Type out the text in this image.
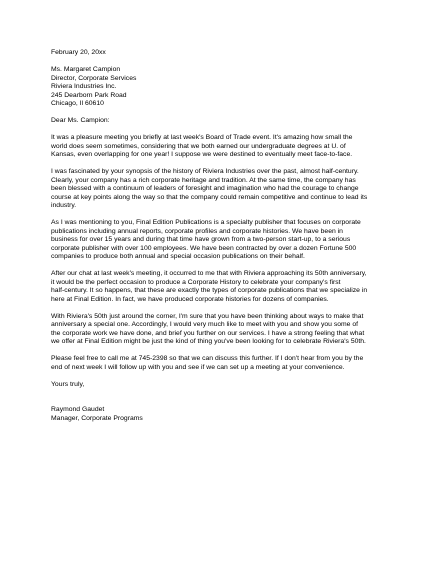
February 20, 20xx
Ms. Margaret Campion
Director, Corporate Services
Riviera Industries Inc.
245 Dearborn Park Road
Chicago, Il 60610
Dear Ms. Campion:
It was a pleasure meeting you briefly at last week's Board of Trade event. It's amazing how small the
world does seem sometimes, considering that we both earned our undergraduate degrees at U. of
Kansas, even overlapping for one year! I suppose we were destined to eventually meet face-to-face.
I was fascinated by your synopsis of the history of Riviera Industries over the past, almost half-century.
Clearly, your company has a rich corporate heritage and tradition. At the same time, the company has
been blessed with a continuum of leaders of foresight and imagination who had the courage to change
course at key points along the way so that the company could remain competitive and continue to lead its
industry.
As I was mentioning to you, Final Edition Publications is a specialty publisher that focuses on corporate
publications including annual reports, corporate profiles and corporate histories. We have been in
business for over 15 years and during that time have grown from a two-person start-up, to a serious
corporate publisher with over 100 employees. We have been contracted by over a dozen Fortune 500
companies to produce both annual and special occasion publications on their behalf.
After our chat at last week's meeting, it occurred to me that with Riviera approaching its 50th anniversary,
it would be the perfect occasion to produce a Corporate History to celebrate your company's first
half-century. It so happens, that these are exactly the types of corporate publications that we specialize in
here at Final Edition. In fact, we have produced corporate histories for dozens of companies.
With Riviera's 50th just around the corner, I'm sure that you have been thinking about ways to make that
anniversary a special one. Accordingly, I would very much like to meet with you and show you some of
the corporate work we have done, and brief you further on our services. I have a strong feeling that what
we offer at Final Edition might be just the kind of thing you've been looking for to celebrate Riviera's 50th.
Please feel free to call me at 745-2398 so that we can discuss this further. If I don't hear from you by the
end of next week I will follow up with you and see if we can set up a meeting at your convenience.
Yours truly,
Raymond Gaudet
Manager, Corporate Programs
